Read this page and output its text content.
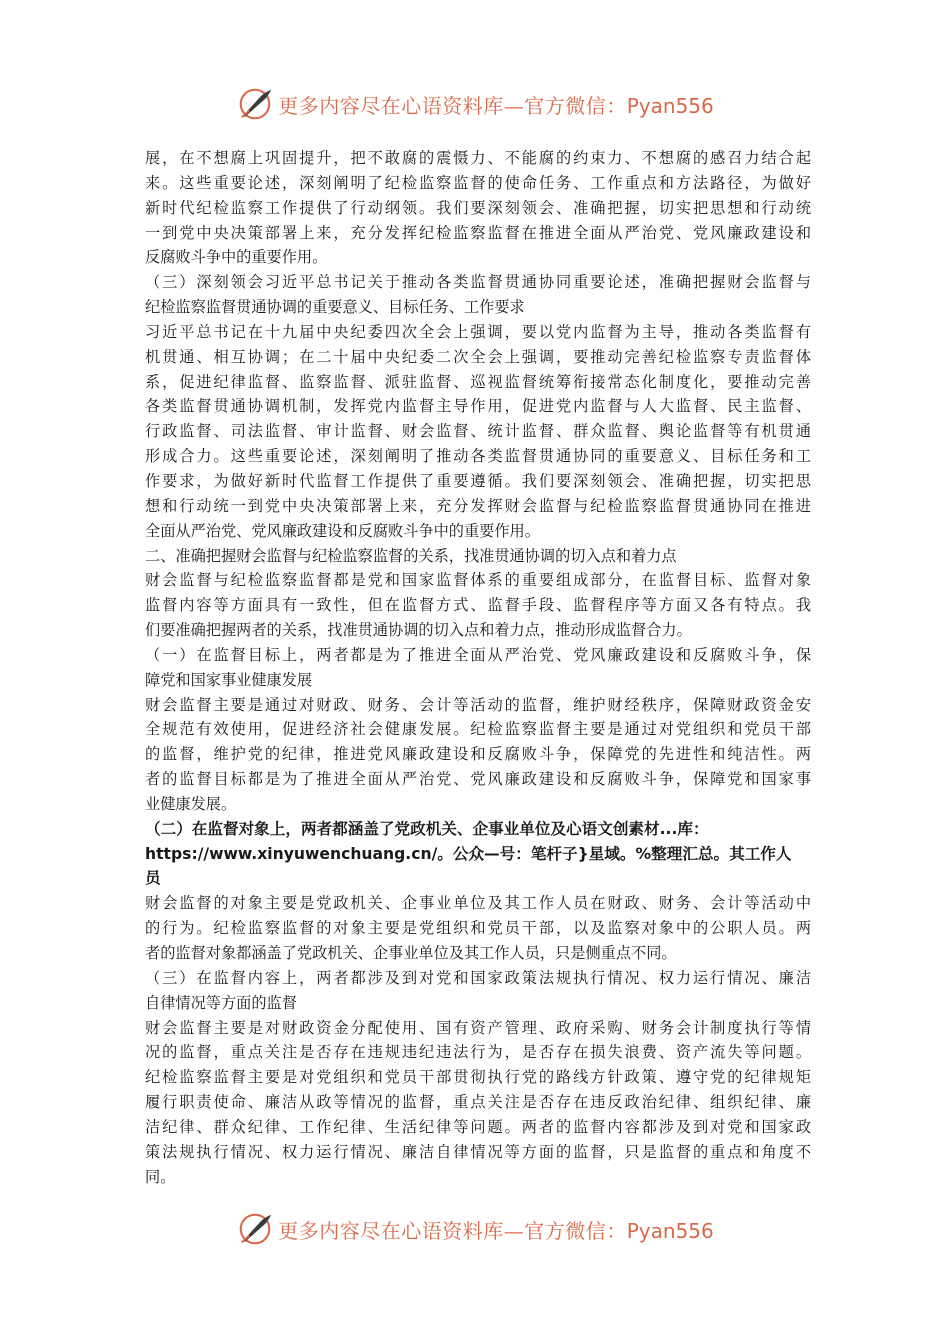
更多内容尽在心语资料库—官方微信：Pyan556
展，在不想腐上巩固提升，把不敢腐的震慑力、不能腐的约束力、不想腐的感召力结合起
来。这些重要论述，深刻阐明了纪检监察监督的使命任务、工作重点和方法路径，为做好
新时代纪检监察工作提供了行动纲领。我们要深刻领会、准确把握，切实把思想和行动统
一到党中央决策部署上来，充分发挥纪检监察监督在推进全面从严治党、党风廉政建设和
反腐败斗争中的重要作用。
（三）深刻领会习近平总书记关于推动各类监督贯通协同重要论述，准确把握财会监督与
纪检监察监督贯通协调的重要意义、目标任务、工作要求
习近平总书记在十九届中央纪委四次全会上强调，要以党内监督为主导，推动各类监督有
机贯通、相互协调；在二十届中央纪委二次全会上强调，要推动完善纪检监察专责监督体
系，促进纪律监督、监察监督、派驻监督、巡视监督统筹衔接常态化制度化，要推动完善
各类监督贯通协调机制，发挥党内监督主导作用，促进党内监督与人大监督、民主监督、
行政监督、司法监督、审计监督、财会监督、统计监督、群众监督、舆论监督等有机贯通
形成合力。这些重要论述，深刻阐明了推动各类监督贯通协同的重要意义、目标任务和工
作要求，为做好新时代监督工作提供了重要遵循。我们要深刻领会、准确把握，切实把思
想和行动统一到党中央决策部署上来，充分发挥财会监督与纪检监察监督贯通协同在推进
全面从严治党、党风廉政建设和反腐败斗争中的重要作用。
二、准确把握财会监督与纪检监察监督的关系，找准贯通协调的切入点和着力点
财会监督与纪检监察监督都是党和国家监督体系的重要组成部分，在监督目标、监督对象
监督内容等方面具有一致性，但在监督方式、监督手段、监督程序等方面又各有特点。我
们要准确把握两者的关系，找准贯通协调的切入点和着力点，推动形成监督合力。
（一）在监督目标上，两者都是为了推进全面从严治党、党风廉政建设和反腐败斗争，保
障党和国家事业健康发展
财会监督主要是通过对财政、财务、会计等活动的监督，维护财经秩序，保障财政资金安
全规范有效使用，促进经济社会健康发展。纪检监察监督主要是通过对党组织和党员干部
的监督，维护党的纪律，推进党风廉政建设和反腐败斗争，保障党的先进性和纯洁性。两
者的监督目标都是为了推进全面从严治党、党风廉政建设和反腐败斗争，保障党和国家事
业健康发展。
（二）在监督对象上，两者都涵盖了党政机关、企事业单位及心语文创素材...库：
https://www.xinyuwenchuang.cn/。公众—号：笔杆子}星域。%整理汇总。其工作人
员
财会监督的对象主要是党政机关、企事业单位及其工作人员在财政、财务、会计等活动中
的行为。纪检监察监督的对象主要是党组织和党员干部，以及监察对象中的公职人员。两
者的监督对象都涵盖了党政机关、企事业单位及其工作人员，只是侧重点不同。
（三）在监督内容上，两者都涉及到对党和国家政策法规执行情况、权力运行情况、廉洁
自律情况等方面的监督
财会监督主要是对财政资金分配使用、国有资产管理、政府采购、财务会计制度执行等情
况的监督，重点关注是否存在违规违纪违法行为，是否存在损失浪费、资产流失等问题。
纪检监察监督主要是对党组织和党员干部贯彻执行党的路线方针政策、遵守党的纪律规矩
履行职责使命、廉洁从政等情况的监督，重点关注是否存在违反政治纪律、组织纪律、廉
洁纪律、群众纪律、工作纪律、生活纪律等问题。两者的监督内容都涉及到对党和国家政
策法规执行情况、权力运行情况、廉洁自律情况等方面的监督，只是监督的重点和角度不
同。
更多内容尽在心语资料库—官方微信：Pyan556
